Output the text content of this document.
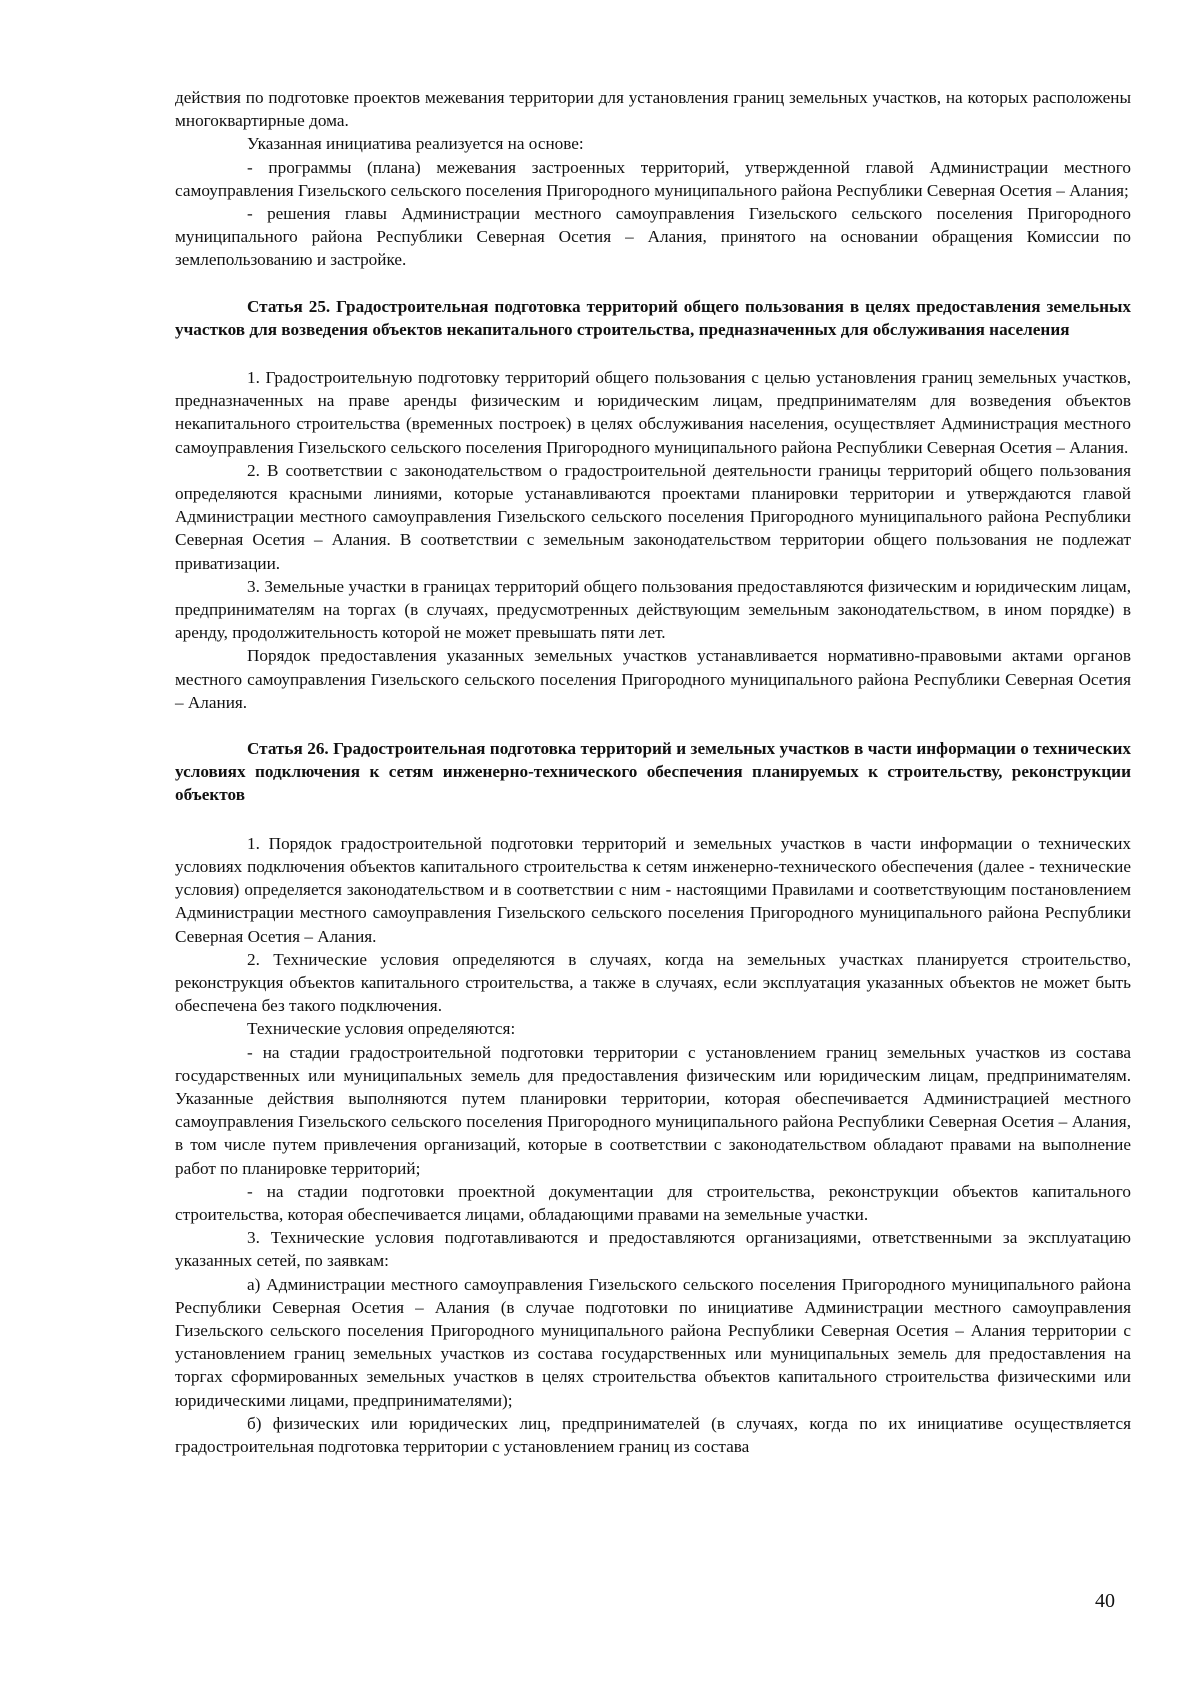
действия по подготовке проектов межевания территории для установления границ земельных участков, на которых расположены многоквартирные дома.

Указанная инициатива реализуется на основе:

- программы (плана) межевания застроенных территорий, утвержденной главой Администрации местного самоуправления Гизельского сельского поселения Пригородного муниципального района Республики Северная Осетия – Алания;

- решения главы Администрации местного самоуправления Гизельского сельского поселения Пригородного муниципального района Республики Северная Осетия – Алания, принятого на основании обращения Комиссии по землепользованию и застройке.

Статья 25. Градостроительная подготовка территорий общего пользования в целях предоставления земельных участков для возведения объектов некапитального строительства, предназначенных для обслуживания населения

1. Градостроительную подготовку территорий общего пользования с целью установления границ земельных участков, предназначенных на праве аренды физическим и юридическим лицам, предпринимателям для возведения объектов некапитального строительства (временных построек) в целях обслуживания населения, осуществляет Администрация местного самоуправления Гизельского сельского поселения Пригородного муниципального района Республики Северная Осетия – Алания.

2. В соответствии с законодательством о градостроительной деятельности границы территорий общего пользования определяются красными линиями, которые устанавливаются проектами планировки территории и утверждаются главой Администрации местного самоуправления Гизельского сельского поселения Пригородного муниципального района Республики Северная Осетия – Алания. В соответствии с земельным законодательством территории общего пользования не подлежат приватизации.

3. Земельные участки в границах территорий общего пользования предоставляются физическим и юридическим лицам, предпринимателям на торгах (в случаях, предусмотренных действующим земельным законодательством, в ином порядке) в аренду, продолжительность которой не может превышать пяти лет.

Порядок предоставления указанных земельных участков устанавливается нормативно-правовыми актами органов местного самоуправления Гизельского сельского поселения Пригородного муниципального района Республики Северная Осетия – Алания.

Статья 26. Градостроительная подготовка территорий и земельных участков в части информации о технических условиях подключения к сетям инженерно-технического обеспечения планируемых к строительству, реконструкции объектов

1. Порядок градостроительной подготовки территорий и земельных участков в части информации о технических условиях подключения объектов капитального строительства к сетям инженерно-технического обеспечения (далее - технические условия) определяется законодательством и в соответствии с ним - настоящими Правилами и соответствующим постановлением Администрации местного самоуправления Гизельского сельского поселения Пригородного муниципального района Республики Северная Осетия – Алания.

2. Технические условия определяются в случаях, когда на земельных участках планируется строительство, реконструкция объектов капитального строительства, а также в случаях, если эксплуатация указанных объектов не может быть обеспечена без такого подключения.

Технические условия определяются:

- на стадии градостроительной подготовки территории с установлением границ земельных участков из состава государственных или муниципальных земель для предоставления физическим или юридическим лицам, предпринимателям. Указанные действия выполняются путем планировки территории, которая обеспечивается Администрацией местного самоуправления Гизельского сельского поселения Пригородного муниципального района Республики Северная Осетия – Алания, в том числе путем привлечения организаций, которые в соответствии с законодательством обладают правами на выполнение работ по планировке территорий;

- на стадии подготовки проектной документации для строительства, реконструкции объектов капитального строительства, которая обеспечивается лицами, обладающими правами на земельные участки.

3. Технические условия подготавливаются и предоставляются организациями, ответственными за эксплуатацию указанных сетей, по заявкам:

а) Администрации местного самоуправления Гизельского сельского поселения Пригородного муниципального района Республики Северная Осетия – Алания (в случае подготовки по инициативе Администрации местного самоуправления Гизельского сельского поселения Пригородного муниципального района Республики Северная Осетия – Алания территории с установлением границ земельных участков из состава государственных или муниципальных земель для предоставления на торгах сформированных земельных участков в целях строительства объектов капитального строительства физическими или юридическими лицами, предпринимателями);

б) физических или юридических лиц, предпринимателей (в случаях, когда по их инициативе осуществляется градостроительная подготовка территории с установлением границ из состава

40
